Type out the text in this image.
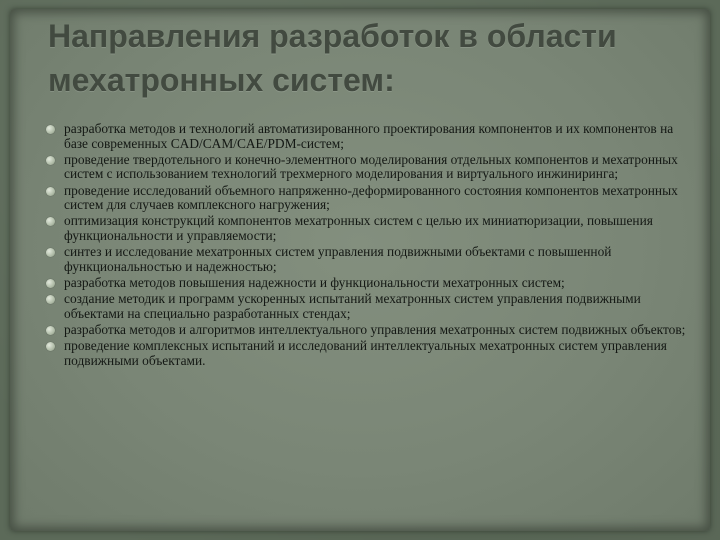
Направления разработок в области мехатронных систем:
разработка методов и технологий автоматизированного проектирования компонентов и их компонентов на базе современных CAD/CAM/CAE/PDM-систем;
проведение твердотельного и конечно-элементного моделирования отдельных компонентов и мехатронных систем с использованием технологий трехмерного моделирования и виртуального инжиниринга;
проведение исследований объемного напряженно-деформированного состояния компонентов мехатронных систем для случаев комплексного нагружения;
оптимизация конструкций компонентов мехатронных систем с целью их миниатюризации, повышения функциональности и управляемости;
синтез и исследование мехатронных систем управления подвижными объектами с повышенной функциональностью и надежностью;
разработка методов повышения надежности и функциональности мехатронных систем;
создание методик и программ ускоренных испытаний мехатронных систем управления подвижными объектами на специально разработанных стендах;
разработка методов и алгоритмов интеллектуального управления мехатронных систем подвижных объектов;
проведение комплексных испытаний и исследований интеллектуальных мехатронных систем управления подвижными объектами.
